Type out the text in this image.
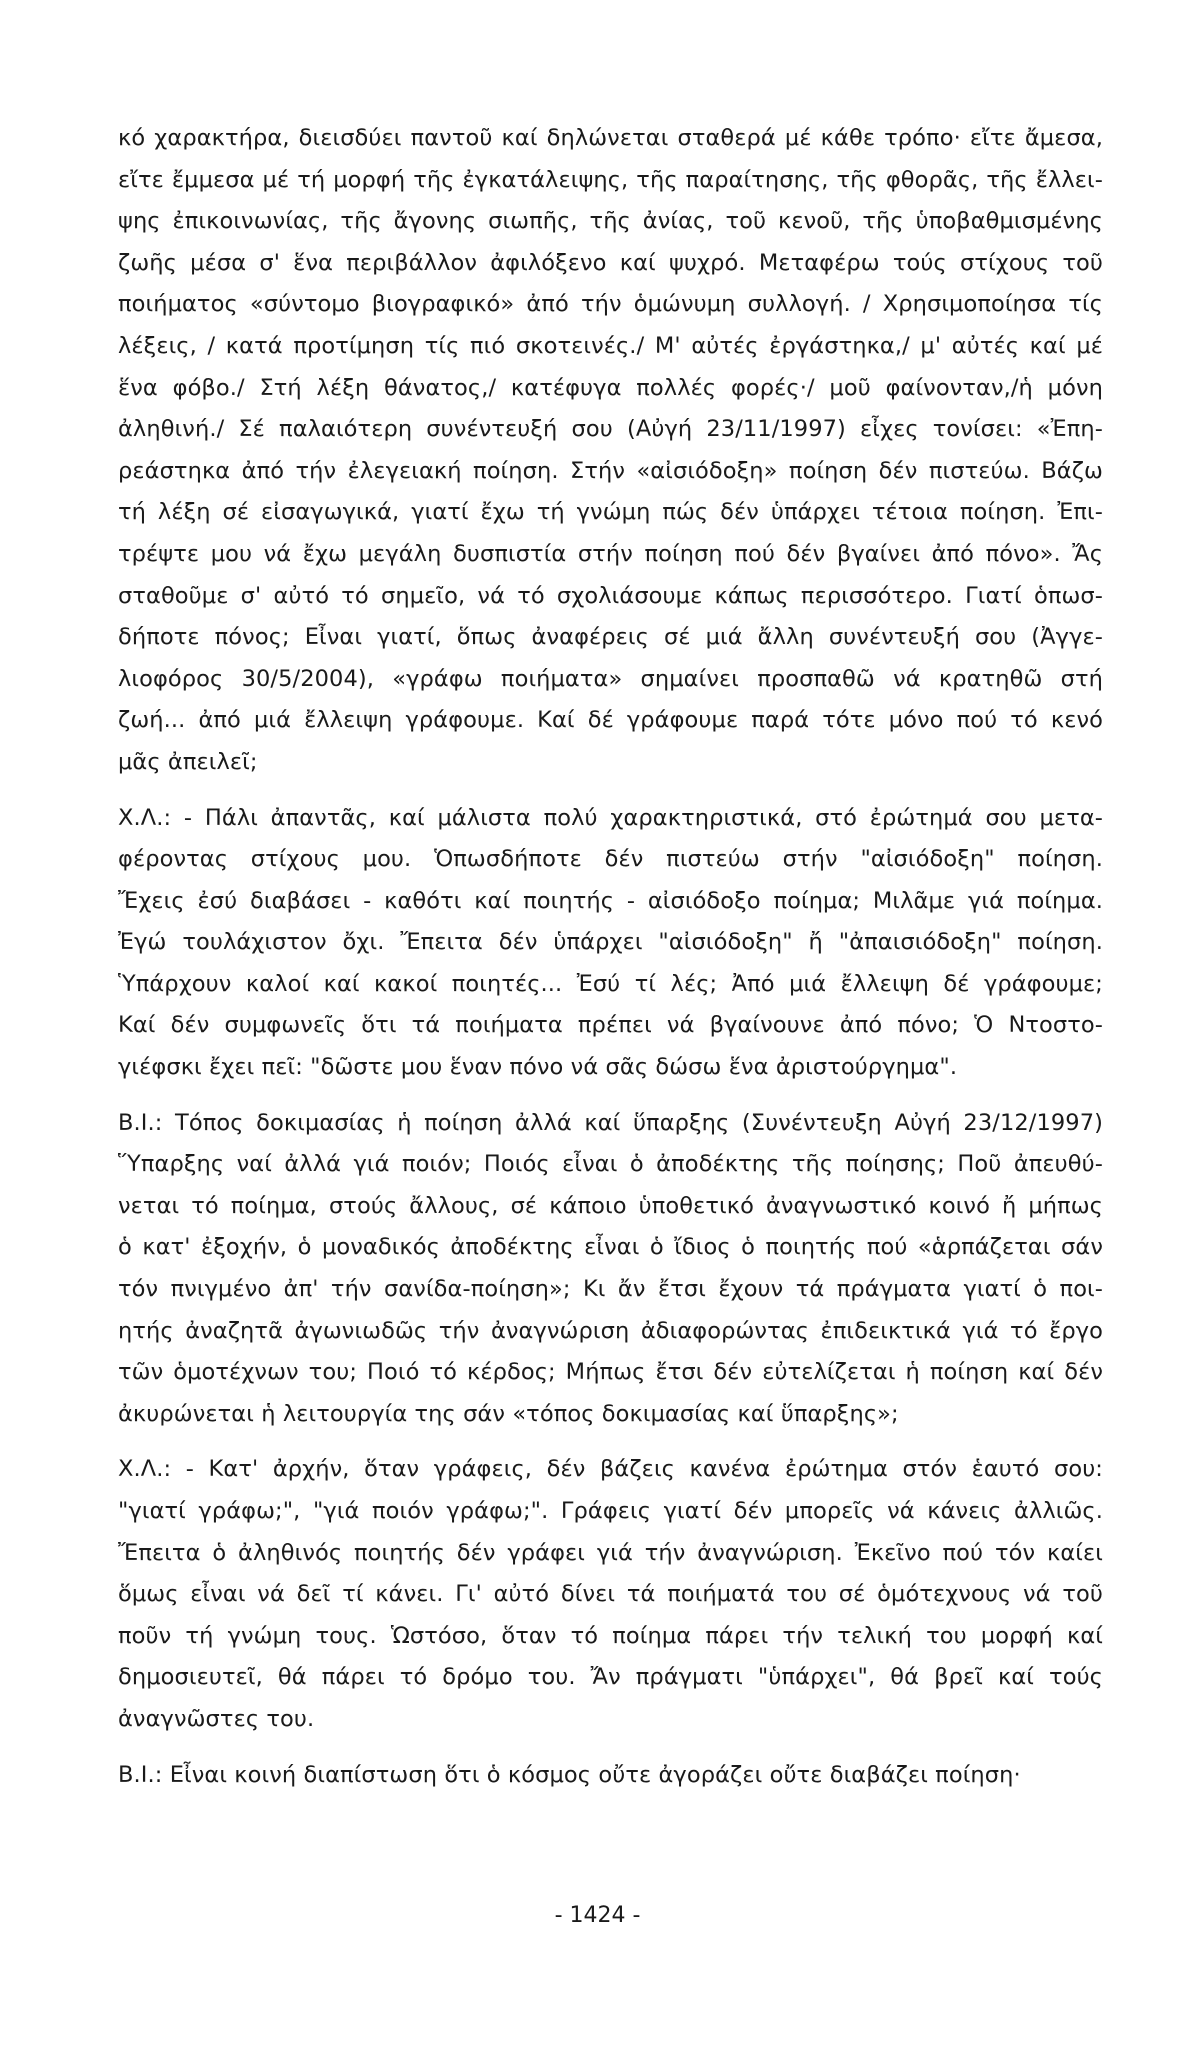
κό χαρακτήρα, διεισδύει παντοῦ καί δηλώνεται σταθερά μέ κάθε τρόπο· εἴτε ἄμεσα,
εἴτε ἔμμεσα μέ τή μορφή τῆς ἐγκατάλειψης, τῆς παραίτησης, τῆς φθορᾶς, τῆς ἔλλει-
ψης ἐπικοινωνίας, τῆς ἄγονης σιωπῆς, τῆς ἀνίας, τοῦ κενοῦ, τῆς ὑποβαθμισμένης
ζωῆς μέσα σ' ἕνα περιβάλλον ἀφιλόξενο καί ψυχρό. Μεταφέρω τούς στίχους τοῦ
ποιήματος «σύντομο βιογραφικό» ἀπό τήν ὁμώνυμη συλλογή. / Χρησιμοποίησα τίς
λέξεις, / κατά προτίμηση τίς πιό σκοτεινές./ Μ' αὐτές ἐργάστηκα,/ μ' αὐτές καί μέ
ἕνα φόβο./ Στή λέξη θάνατος,/ κατέφυγα πολλές φορές·/ μοῦ φαίνονταν,/ἡ μόνη
ἀληθινή./ Σέ παλαιότερη συνέντευξή σου (Αὐγή 23/11/1997) εἶχες τονίσει: «Ἐπη-
ρεάστηκα ἀπό τήν ἐλεγειακή ποίηση. Στήν «αἰσιόδοξη» ποίηση δέν πιστεύω. Βάζω
τή λέξη σέ εἰσαγωγικά, γιατί ἔχω τή γνώμη πώς δέν ὑπάρχει τέτοια ποίηση. Ἐπι-
τρέψτε μου νά ἔχω μεγάλη δυσπιστία στήν ποίηση πού δέν βγαίνει ἀπό πόνο». Ἄς
σταθοῦμε σ' αὐτό τό σημεῖο, νά τό σχολιάσουμε κάπως περισσότερο. Γιατί ὁπωσ-
δήποτε πόνος; Εἶναι γιατί, ὅπως ἀναφέρεις σέ μιά ἄλλη συνέντευξή σου (Ἀγγε-
λιοφόρος 30/5/2004), «γράφω ποιήματα» σημαίνει προσπαθῶ νά κρατηθῶ στή
ζωή... ἀπό μιά ἔλλειψη γράφουμε. Καί δέ γράφουμε παρά τότε μόνο πού τό κενό
μᾶς ἀπειλεῖ;
Χ.Λ.: - Πάλι ἀπαντᾶς, καί μάλιστα πολύ χαρακτηριστικά, στό ἐρώτημά σου μετα-
φέροντας στίχους μου. Ὁπωσδήποτε δέν πιστεύω στήν "αἰσιόδοξη" ποίηση.
Ἔχεις ἐσύ διαβάσει - καθότι καί ποιητής - αἰσιόδοξο ποίημα; Μιλᾶμε γιά ποίημα.
Ἐγώ τουλάχιστον ὄχι. Ἔπειτα δέν ὑπάρχει "αἰσιόδοξη" ἤ "ἀπαισιόδοξη" ποίηση.
Ὑπάρχουν καλοί καί κακοί ποιητές... Ἐσύ τί λές; Ἀπό μιά ἔλλειψη δέ γράφουμε;
Καί δέν συμφωνεῖς ὅτι τά ποιήματα πρέπει νά βγαίνουνε ἀπό πόνο; Ὁ Ντοστο-
γιέφσκι ἔχει πεῖ: "δῶστε μου ἕναν πόνο νά σᾶς δώσω ἕνα ἀριστούργημα".
Β.Ι.: Τόπος δοκιμασίας ἡ ποίηση ἀλλά καί ὕπαρξης (Συνέντευξη Αὐγή 23/12/1997)
Ὕπαρξης ναί ἀλλά γιά ποιόν; Ποιός εἶναι ὁ ἀποδέκτης τῆς ποίησης; Ποῦ ἀπευθύ-
νεται τό ποίημα, στούς ἄλλους, σέ κάποιο ὑποθετικό ἀναγνωστικό κοινό ἤ μήπως
ὁ κατ' ἐξοχήν, ὁ μοναδικός ἀποδέκτης εἶναι ὁ ἴδιος ὁ ποιητής πού «ἁρπάζεται σάν
τόν πνιγμένο ἀπ' τήν σανίδα-ποίηση»; Κι ἄν ἔτσι ἔχουν τά πράγματα γιατί ὁ ποι-
ητής ἀναζητᾶ ἀγωνιωδῶς τήν ἀναγνώριση ἀδιαφορώντας ἐπιδεικτικά γιά τό ἔργο
τῶν ὁμοτέχνων του; Ποιό τό κέρδος; Μήπως ἔτσι δέν εὐτελίζεται ἡ ποίηση καί δέν
ἀκυρώνεται ἡ λειτουργία της σάν «τόπος δοκιμασίας καί ὕπαρξης»;
Χ.Λ.: - Κατ' ἀρχήν, ὅταν γράφεις, δέν βάζεις κανένα ἐρώτημα στόν ἑαυτό σου:
"γιατί γράφω;", "γιά ποιόν γράφω;". Γράφεις γιατί δέν μπορεῖς νά κάνεις ἀλλιῶς.
Ἔπειτα ὁ ἀληθινός ποιητής δέν γράφει γιά τήν ἀναγνώριση. Ἐκεῖνο πού τόν καίει
ὅμως εἶναι νά δεῖ τί κάνει. Γι' αὐτό δίνει τά ποιήματά του σέ ὁμότεχνους νά τοῦ
ποῦν τή γνώμη τους. Ὡστόσο, ὅταν τό ποίημα πάρει τήν τελική του μορφή καί
δημοσιευτεῖ, θά πάρει τό δρόμο του. Ἄν πράγματι "ὑπάρχει", θά βρεῖ καί τούς
ἀναγνῶστες του.
Β.Ι.: Εἶναι κοινή διαπίστωση ὅτι ὁ κόσμος οὔτε ἀγοράζει οὔτε διαβάζει ποίηση·
- 1424 -
